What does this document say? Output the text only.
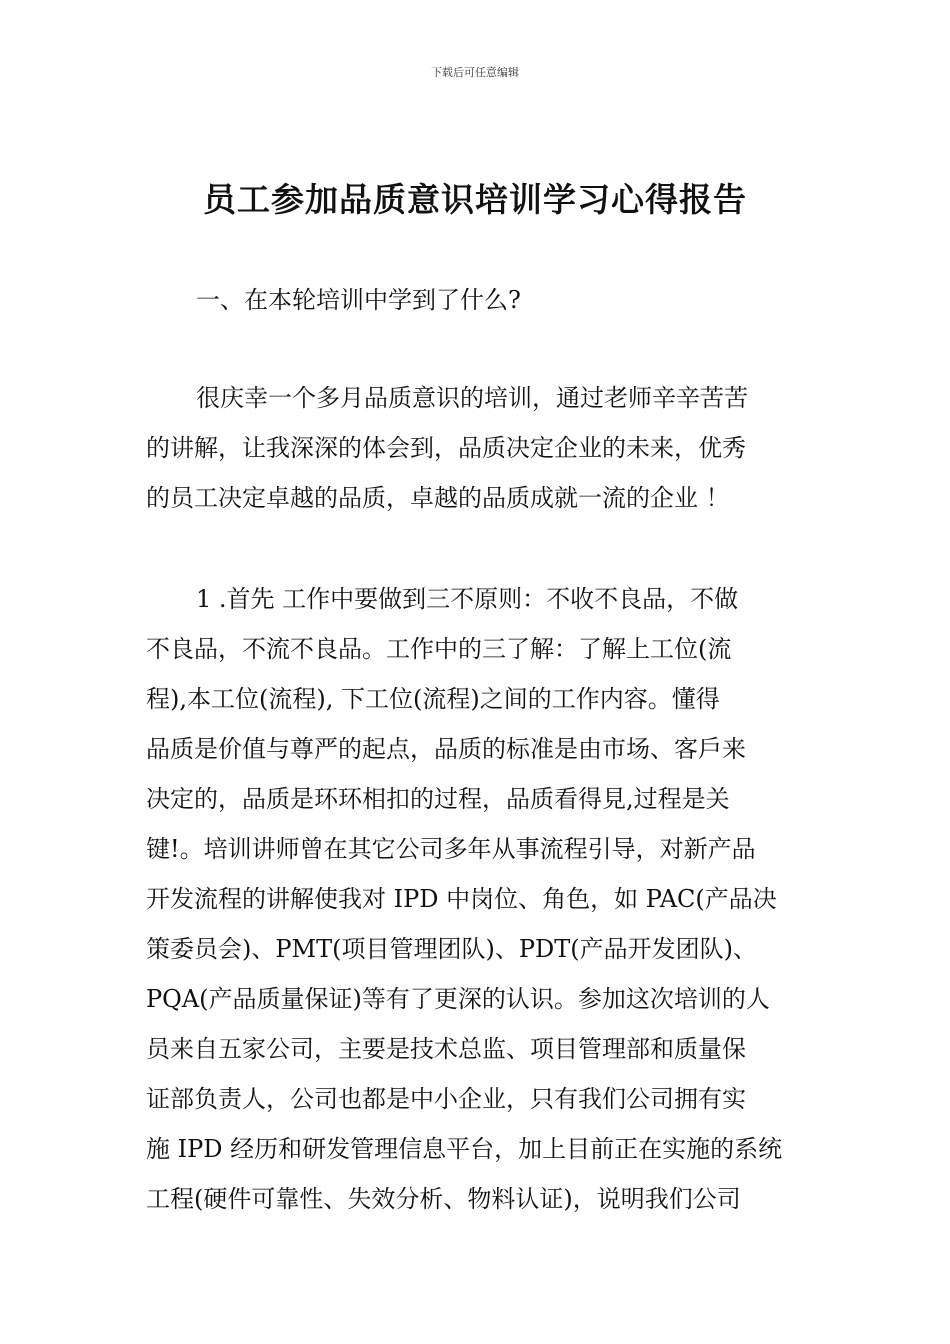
下载后可任意编辑
员工参加品质意识培训学习心得报告
一、在本轮培训中学到了什么?
很庆幸一个多月品质意识的培训，通过老师辛辛苦苦
的讲解，让我深深的体会到，品质决定企业的未来，优秀
的员工决定卓越的品质，卓越的品质成就一流的企业 ！
1 .首先 工作中要做到三不原则：不收不良品，不做
不良品，不流不良品。工作中的三了解：了解上工位(流
程),本工位(流程), 下工位(流程)之间的工作内容。懂得
品质是价值与尊严的起点，品质的标准是由市场、客戶来
决定的，品质是环环相扣的过程，品质看得見,过程是关
键!。培训讲师曾在其它公司多年从事流程引导，对新产品
开发流程的讲解使我对 IPD 中岗位、角色，如 PAC(产品决
策委员会)、PMT(项目管理团队)、PDT(产品开发团队)、
PQA(产品质量保证)等有了更深的认识。参加这次培训的人
员来自五家公司，主要是技术总监、项目管理部和质量保
证部负责人，公司也都是中小企业，只有我们公司拥有实
施 IPD 经历和研发管理信息平台，加上目前正在实施的系统
工程(硬件可靠性、失效分析、物料认证)，说明我们公司
